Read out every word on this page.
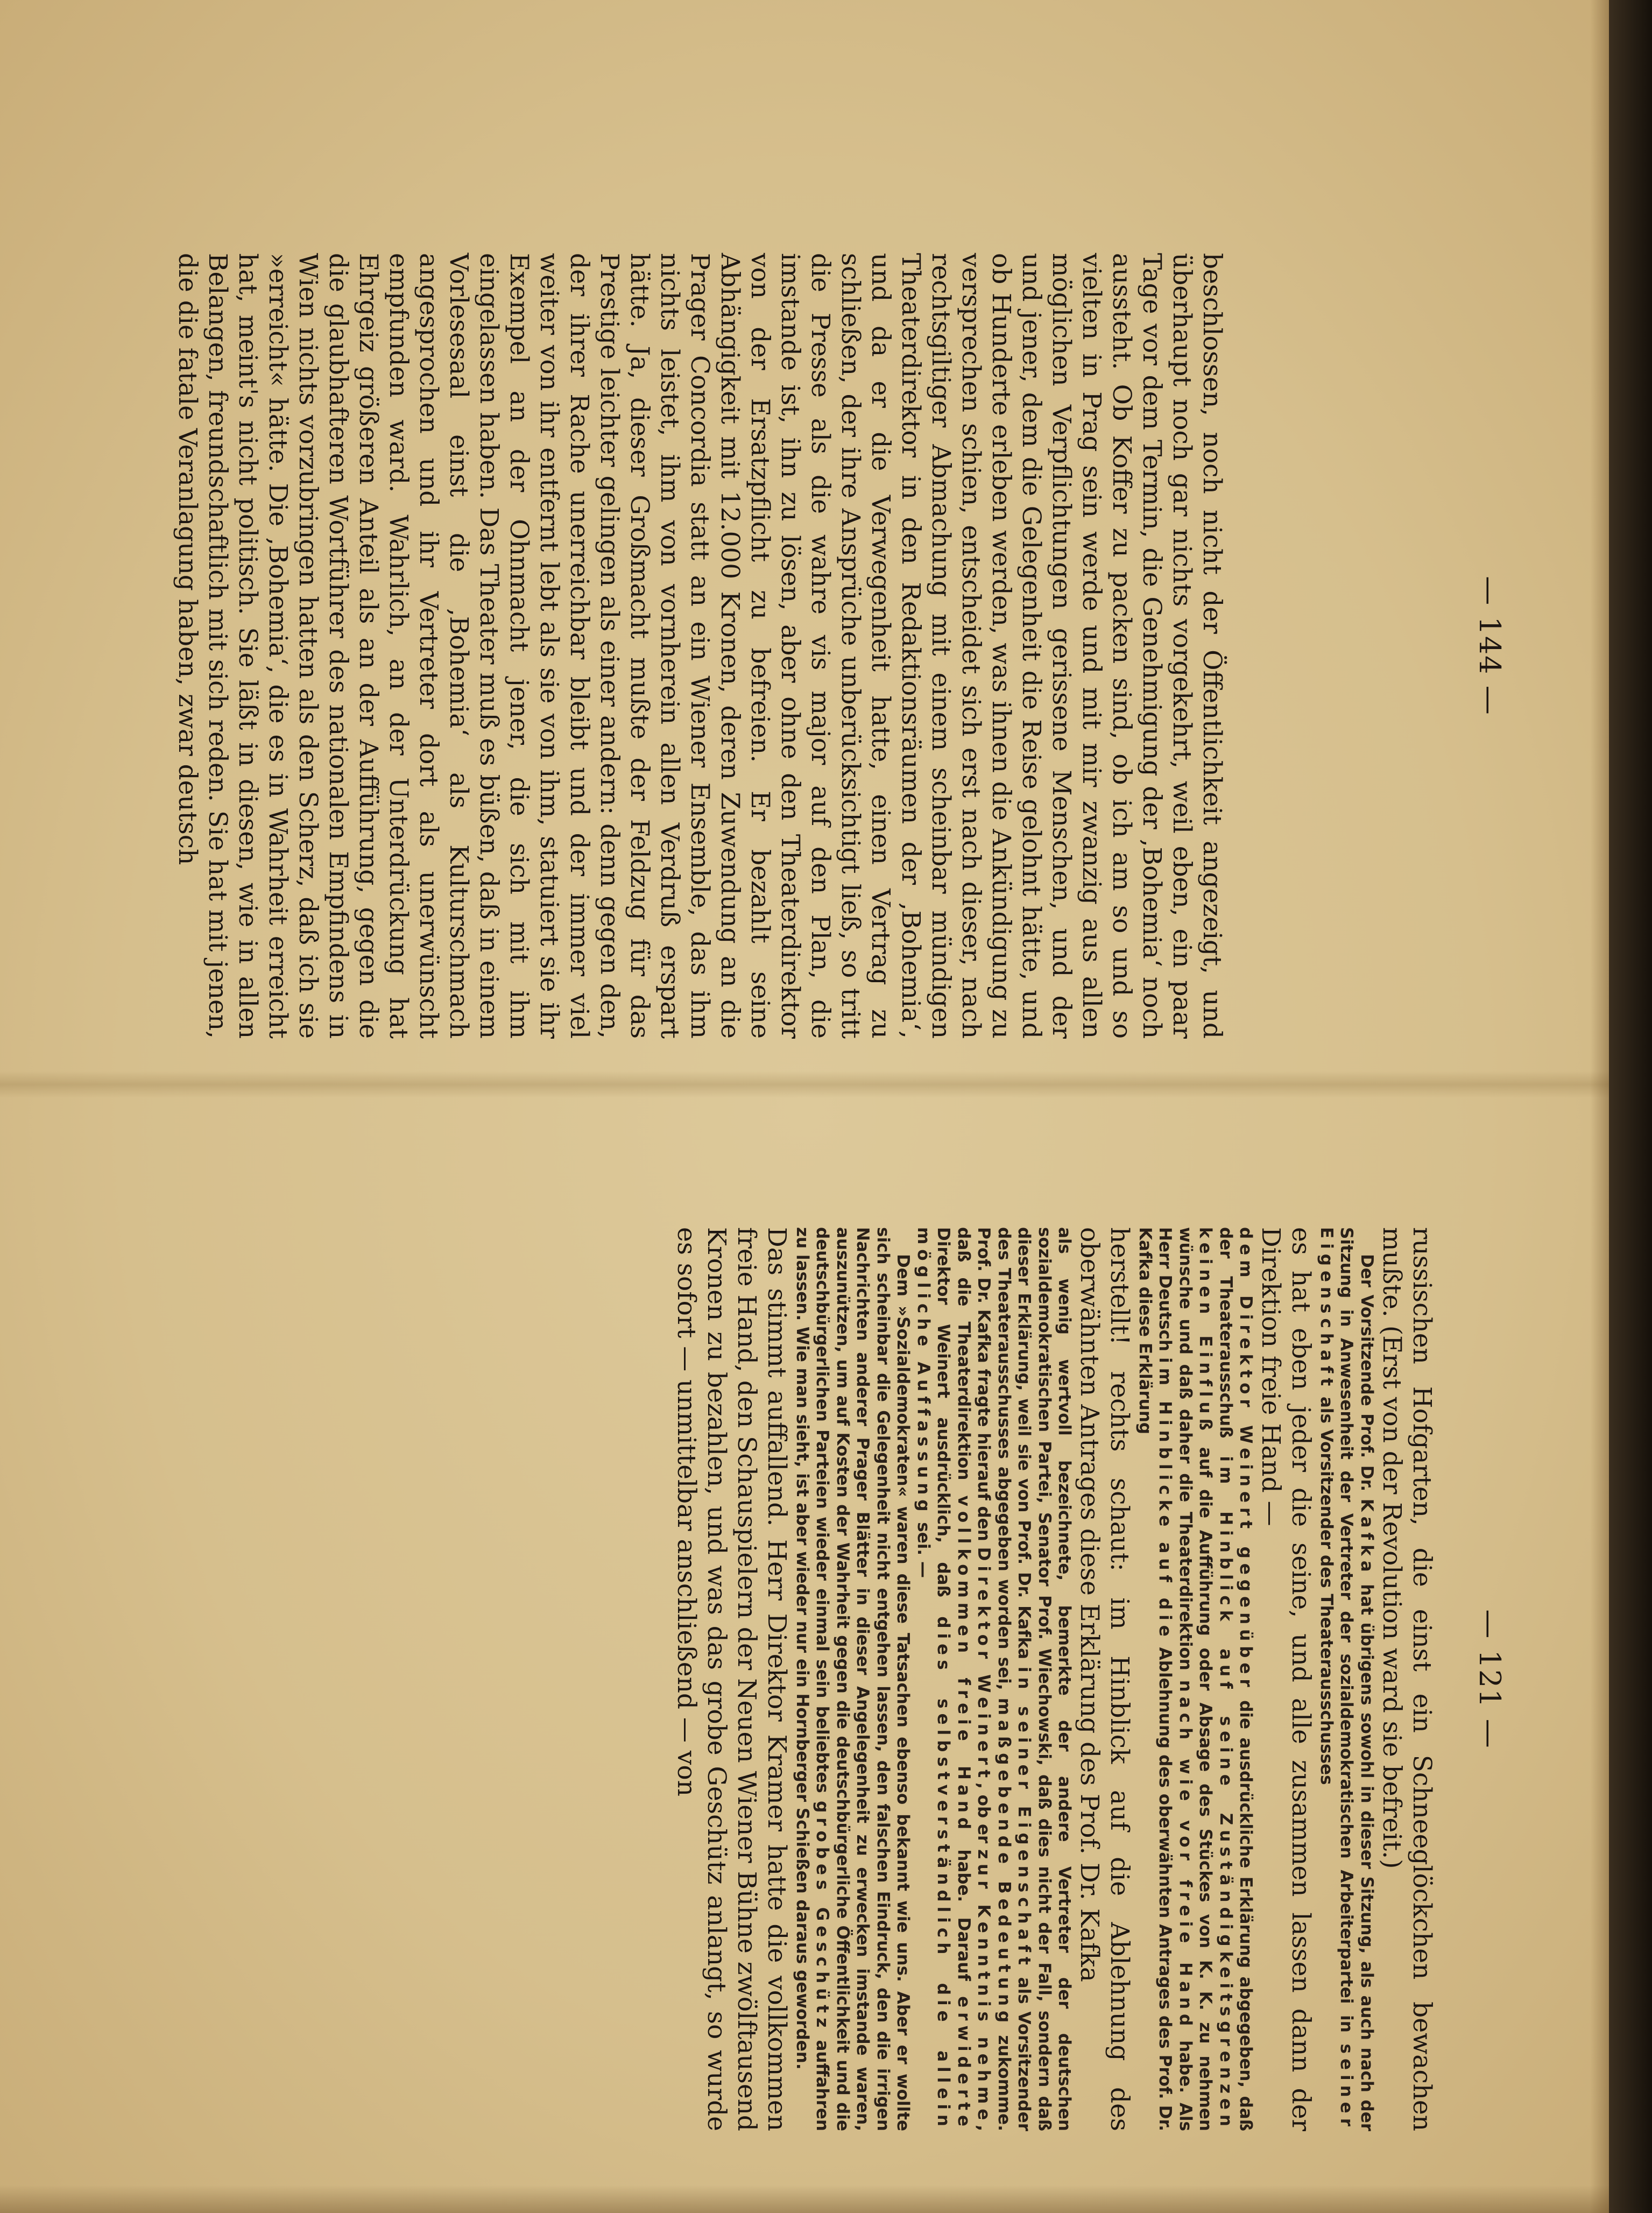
— 144 —

beschlossen, noch nicht der Öffentlichkeit angezeigt, und überhaupt noch gar nichts vorgekehrt, weil eben, ein paar Tage vor dem Termin, die Genehmigung der ‚Bohemia‘ noch aussteht. Ob Koffer zu packen sind, ob ich am so und so vielten in Prag sein werde und mit mir zwanzig aus allen möglichen Verpflichtungen gerissene Menschen, und der und jener, dem die Gelegenheit die Reise gelohnt hätte, und ob Hunderte erleben werden, was ihnen die Ankündigung zu versprechen schien, entscheidet sich erst nach dieser, nach rechtsgiltiger Abmachung mit einem scheinbar mündigen Theaterdirektor in den Redaktionsräumen der ‚Bohemia‘, und da er die Verwegenheit hatte, einen Vertrag zu schließen, der ihre Ansprüche unberücksichtigt ließ, so tritt die Presse als die wahre vis major auf den Plan, die imstande ist, ihn zu lösen, aber ohne den Theaterdirektor von der Ersatzpflicht zu befreien. Er bezahlt seine Abhängigkeit mit 12.000 Kronen, deren Zuwendung an die Prager Concordia statt an ein Wiener Ensemble, das ihm nichts leistet, ihm von vornherein allen Verdruß erspart hätte. Ja, dieser Großmacht mußte der Feldzug für das Prestige leichter gelingen als einer andern: denn gegen den, der ihrer Rache unerreichbar bleibt und der immer viel weiter von ihr entfernt lebt als sie von ihm, statuiert sie ihr Exempel an der Ohnmacht jener, die sich mit ihm eingelassen haben. Das Theater muß es büßen, daß in einem Vorlesesaal einst die ‚Bohemia‘ als Kulturschmach angesprochen und ihr Vertreter dort als unerwünscht empfunden ward. Wahrlich, an der Unterdrückung hat Ehrgeiz größeren Anteil als an der Aufführung, gegen die die glaubhafteren Wortführer des nationalen Empfindens in Wien nichts vorzubringen hatten als den Scherz, daß ich sie »erreicht« hätte. Die ‚Bohemia‘, die es in Wahrheit erreicht hat, meint's nicht politisch. Sie läßt in diesen, wie in allen Belangen, freundschaftlich mit sich reden. Sie hat mit jenen, die die fatale Veranlagung haben, zwar deutsch

— 121 —

russischen Hofgarten, die einst ein Schneeglöckchen bewachen mußte. (Erst von der Revolution ward sie befreit.)

Der Vorsitzende Prof. Dr. Kafka hat übrigens sowohl in dieser Sitzung, als auch nach der Sitzung in Anwesenheit der Vertreter der sozialdemokratischen Arbeiterpartei in seiner Eigenschaft als Vorsitzender des Theaterausschusses

es hat eben jeder die seine, und alle zusammen lassen dann der Direktion freie Hand —

dem Direktor Weinert gegenüber die ausdrückliche Erklärung abgegeben, daß der Theaterausschuß im Hinblick auf seine Zuständigkeitsgrenzen keinen Einfluß auf die Aufführung oder Absage des Stückes von K. K. zu nehmen wünsche und daß daher die Theaterdirektion nach wie vor freie Hand habe. Als Herr Deutsch im Hinblicke auf die Ablehnung des oberwähnten Antrages des Prof. Dr. Kafka diese Erklärung

herstellt! rechts schaut: im Hinblick auf die Ablehnung des oberwähnten Antrages diese Erklärung des Prof. Dr. Kafka

als wenig wertvoll bezeichnete, bemerkte der andere Vertreter der deutschen sozialdemokratischen Partei, Senator Prof. Wiechowski, daß dies nicht der Fall, sondern daß dieser Erklärung, weil sie von Prof. Dr. Kafka in seiner Eigenschaft als Vorsitzender des Theaterausschusses abgegeben worden sei, maßgebende Bedeutung zukomme. Prof. Dr. Kafka fragte hierauf den Direktor Weinert, ob er zur Kenntnis nehme, daß die Theaterdirektion vollkommen freie Hand habe. Darauf erwiderte Direktor Weinert ausdrücklich, daß dies selbstverständlich die allein mögliche Auffassung sei. —

Dem »Sozialdemokraten« waren diese Tatsachen ebenso bekannt wie uns. Aber er wollte sich scheinbar die Gelegenheit nicht entgehen lassen, den falschen Eindruck, den die irrigen Nachrichten anderer Prager Blätter in dieser Angelegenheit zu erwecken imstande waren, auszunützen, um auf Kosten der Wahrheit gegen die deutschbürgerliche Öffentlichkeit und die deutschbürgerlichen Parteien wieder einmal sein beliebtes grobes Geschütz auffahren zu lassen. Wie man sieht, ist aber wieder nur ein Hornberger Schießen daraus geworden.

Das stimmt auffallend. Herr Direktor Kramer hatte die vollkommen freie Hand, den Schauspielern der Neuen Wiener Bühne zwölftausend Kronen zu bezahlen, und was das grobe Geschütz anlangt, so wurde es sofort — unmittelbar anschließend — von
